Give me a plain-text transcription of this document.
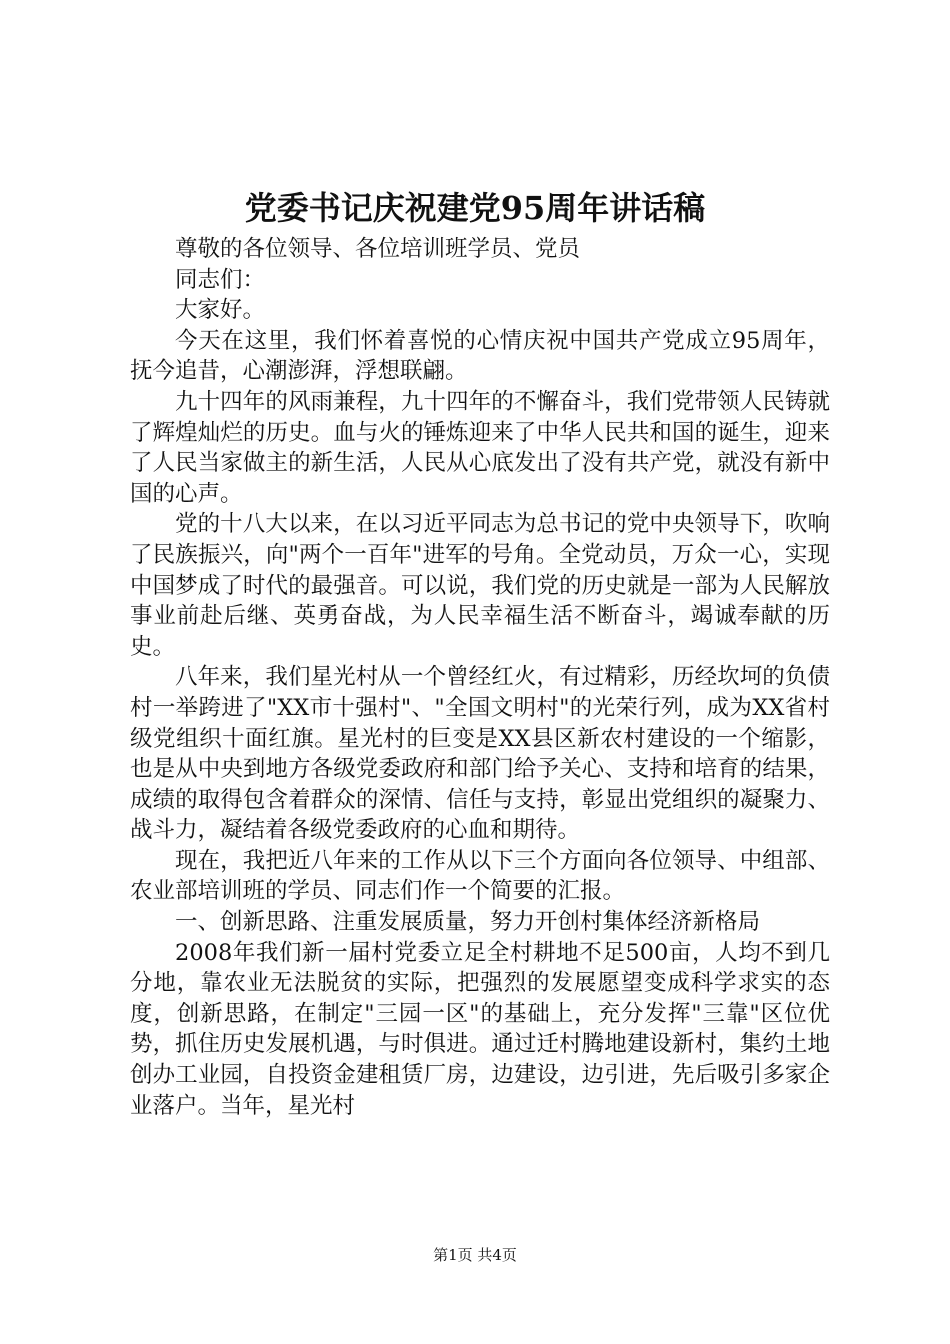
党委书记庆祝建党95周年讲话稿

尊敬的各位领导、各位培训班学员、党员

同志们：

大家好。

今天在这里，我们怀着喜悦的心情庆祝中国共产党成立95周年，抚今追昔，心潮澎湃，浮想联翩。

九十四年的风雨兼程，九十四年的不懈奋斗，我们党带领人民铸就了辉煌灿烂的历史。血与火的锤炼迎来了中华人民共和国的诞生，迎来了人民当家做主的新生活，人民从心底发出了没有共产党，就没有新中国的心声。

党的十八大以来，在以习近平同志为总书记的党中央领导下，吹响了民族振兴，向"两个一百年"进军的号角。全党动员，万众一心，实现中国梦成了时代的最强音。可以说，我们党的历史就是一部为人民解放事业前赴后继、英勇奋战，为人民幸福生活不断奋斗，竭诚奉献的历史。

八年来，我们星光村从一个曾经红火，有过精彩，历经坎坷的负债村一举跨进了"XX市十强村"、"全国文明村"的光荣行列，成为XX省村级党组织十面红旗。星光村的巨变是XX县区新农村建设的一个缩影，也是从中央到地方各级党委政府和部门给予关心、支持和培育的结果，成绩的取得包含着群众的深情、信任与支持，彰显出党组织的凝聚力、战斗力，凝结着各级党委政府的心血和期待。

现在，我把近八年来的工作从以下三个方面向各位领导、中组部、农业部培训班的学员、同志们作一个简要的汇报。

一、创新思路、注重发展质量，努力开创村集体经济新格局

2008年我们新一届村党委立足全村耕地不足500亩，人均不到几分地，靠农业无法脱贫的实际，把强烈的发展愿望变成科学求实的态度，创新思路，在制定"三园一区"的基础上，充分发挥"三靠"区位优势，抓住历史发展机遇，与时俱进。通过迁村腾地建设新村，集约土地创办工业园，自投资金建租赁厂房，边建设，边引进，先后吸引多家企业落户。当年，星光村

第1页 共4页
